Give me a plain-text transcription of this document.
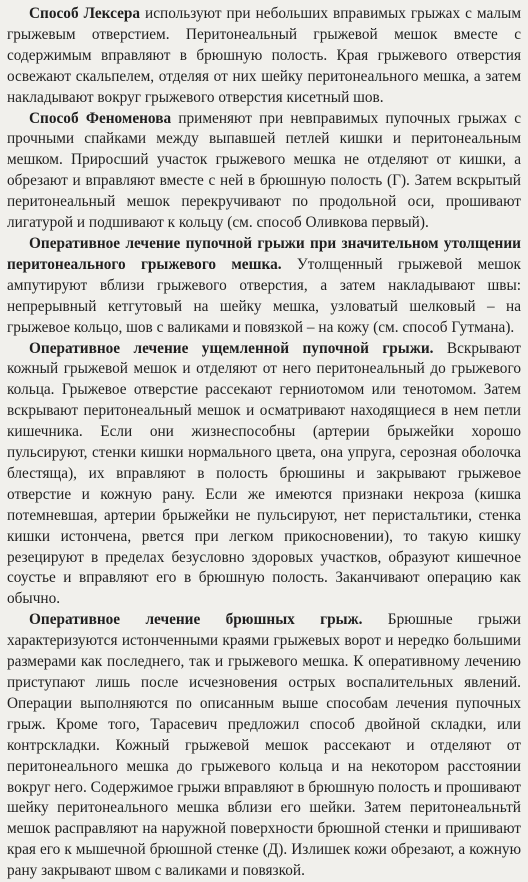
Способ Лексера используют при небольших вправимых грыжах с малым грыжевым отверстием. Перитонеальный грыжевой мешок вместе с содержимым вправляют в брюшную полость. Края грыжевого отверстия освежают скальпелем, отделяя от них шейку перитонеального мешка, а затем накладывают вокруг грыжевого отверстия кисетный шов.

Способ Феноменова применяют при невправимых пупочных грыжах с прочными спайками между выпавшей петлей кишки и перитонеальным мешком. Приросший участок грыжевого мешка не отделяют от кишки, а обрезают и вправляют вместе с ней в брюшную полость (Г). Затем вскрытый перитонеальный мешок перекручивают по продольной оси, прошивают лигатурой и подшивают к кольцу (см. способ Оливкова первый).

Оперативное лечение пупочной грыжи при значительном утолщении перитонеального грыжевого мешка. Утолщенный грыжевой мешок ампутируют вблизи грыжевого отверстия, а затем накладывают швы: непрерывный кетгутовый на шейку мешка, узловатый шелковый – на грыжевое кольцо, шов с валиками и повязкой – на кожу (см. способ Гутмана).

Оперативное лечение ущемленной пупочной грыжи. Вскрывают кожный грыжевой мешок и отделяют от него перитонеальный до грыжевого кольца. Грыжевое отверстие рассекают герниотомом или тенотомом. Затем вскрывают перитонеальный мешок и осматривают находящиеся в нем петли кишечника. Если они жизнеспособны (артерии брыжейки хорошо пульсируют, стенки кишки нормального цвета, она упруга, серозная оболочка блестяща), их вправляют в полость брюшины и закрывают грыжевое отверстие и кожную рану. Если же имеются признаки некроза (кишка потемневшая, артерии брыжейки не пульсируют, нет перистальтики, стенка кишки истончена, рвется при легком прикосновении), то такую кишку резецируют в пределах безусловно здоровых участков, образуют кишечное соустье и вправляют его в брюшную полость. Заканчивают операцию как обычно.

Оперативное лечение брюшных грыж. Брюшные грыжи характеризуются истонченными краями грыжевых ворот и нередко большими размерами как последнего, так и грыжевого мешка. К оперативному лечению приступают лишь после исчезновения острых воспалительных явлений. Операции выполняются по описанным выше способам лечения пупочных грыж. Кроме того, Тарасевич предложил способ двойной складки, или контрскладки. Кожный грыжевой мешок рассекают и отделяют от перитонеального мешка до грыжевого кольца и на некотором расстоянии вокруг него. Содержимое грыжи вправляют в брюшную полость и прошивают шейку перитонеального мешка вблизи его шейки. Затем перитонеальньтй мешок расправляют на наружной поверхности брюшной стенки и пришивают края его к мышечной брюшной стенке (Д). Излишек кожи обрезают, а кожную рану закрывают швом с валиками и повязкой.
